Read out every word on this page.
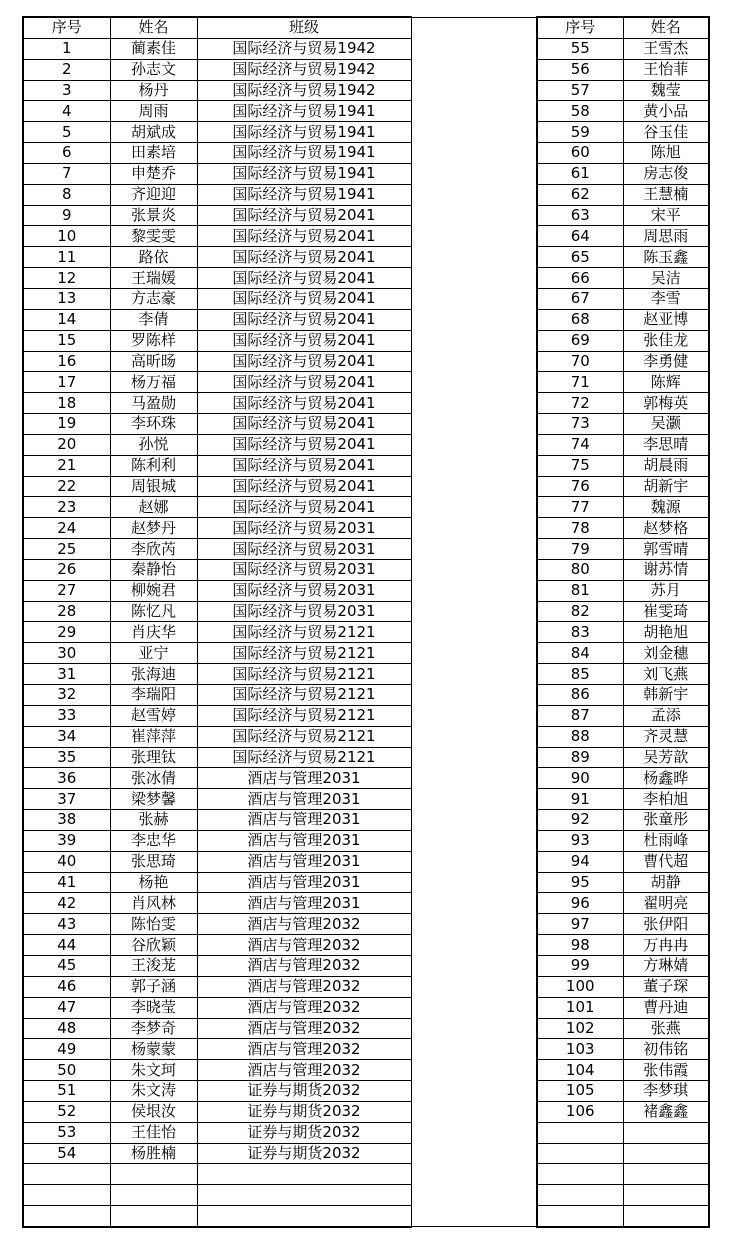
序号	姓名	班级		序号	姓名
1	蔺素佳	国际经济与贸易1942		55	王雪杰
2	孙志文	国际经济与贸易1942		56	王怡菲
3	杨丹	国际经济与贸易1942		57	魏莹
4	周雨	国际经济与贸易1941		58	黄小品
5	胡斌成	国际经济与贸易1941		59	谷玉佳
6	田素培	国际经济与贸易1941		60	陈旭
7	申楚乔	国际经济与贸易1941		61	房志俊
8	齐迎迎	国际经济与贸易1941		62	王慧楠
9	张景炎	国际经济与贸易2041		63	宋平
10	黎雯雯	国际经济与贸易2041		64	周思雨
11	路依	国际经济与贸易2041		65	陈玉鑫
12	王瑞媛	国际经济与贸易2041		66	吴洁
13	方志豪	国际经济与贸易2041		67	李雪
14	李倩	国际经济与贸易2041		68	赵亚博
15	罗陈样	国际经济与贸易2041		69	张佳龙
16	高昕旸	国际经济与贸易2041		70	李勇健
17	杨万福	国际经济与贸易2041		71	陈辉
18	马盈勋	国际经济与贸易2041		72	郭梅英
19	李环珠	国际经济与贸易2041		73	吴灏
20	孙悦	国际经济与贸易2041		74	李思晴
21	陈利利	国际经济与贸易2041		75	胡晨雨
22	周银城	国际经济与贸易2041		76	胡新宇
23	赵娜	国际经济与贸易2041		77	魏源
24	赵梦丹	国际经济与贸易2031		78	赵梦格
25	李欣芮	国际经济与贸易2031		79	郭雪晴
26	秦静怡	国际经济与贸易2031		80	谢苏情
27	柳婉君	国际经济与贸易2031		81	苏月
28	陈忆凡	国际经济与贸易2031		82	崔雯琦
29	肖庆华	国际经济与贸易2121		83	胡艳旭
30	亚宁	国际经济与贸易2121		84	刘金穗
31	张海迪	国际经济与贸易2121		85	刘飞燕
32	李瑞阳	国际经济与贸易2121		86	韩新宇
33	赵雪婷	国际经济与贸易2121		87	孟添
34	崔萍萍	国际经济与贸易2121		88	齐灵慧
35	张理钛	国际经济与贸易2121		89	吴芳歆
36	张冰倩	酒店与管理2031		90	杨鑫晔
37	梁梦馨	酒店与管理2031		91	李柏旭
38	张赫	酒店与管理2031		92	张童彤
39	李忠华	酒店与管理2031		93	杜雨峰
40	张思琦	酒店与管理2031		94	曹代超
41	杨艳	酒店与管理2031		95	胡静
42	肖风林	酒店与管理2031		96	翟明亮
43	陈怡雯	酒店与管理2032		97	张伊阳
44	谷欣颖	酒店与管理2032		98	万冉冉
45	王浚茏	酒店与管理2032		99	方琳婧
46	郭子涵	酒店与管理2032		100	董子琛
47	李晓莹	酒店与管理2032		101	曹丹迪
48	李梦奇	酒店与管理2032		102	张燕
49	杨蒙蒙	酒店与管理2032		103	初伟铭
50	朱文珂	酒店与管理2032		104	张伟霞
51	朱文涛	证券与期货2032		105	李梦琪
52	侯垠汝	证券与期货2032		106	褚鑫鑫
53	王佳怡	证券与期货2032			
54	杨胜楠	证券与期货2032			
